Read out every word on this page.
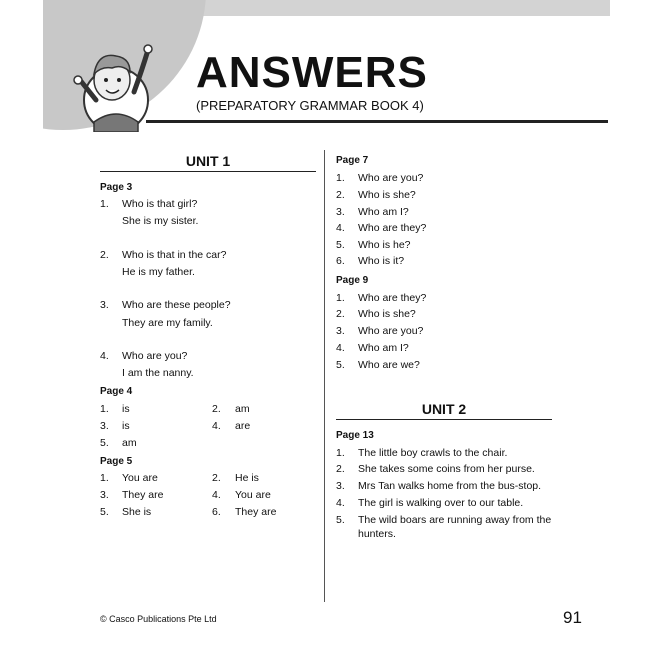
ANSWERS
(PREPARATORY GRAMMAR BOOK 4)
UNIT 1
Page 3
1. Who is that girl?
She is my sister.
2. Who is that in the car?
He is my father.
3. Who are these people?
They are my family.
4. Who are you?
I am the nanny.
Page 4
1. is	2. am
3. is	4. are
5. am
Page 5
1. You are	2. He is
3. They are	4. You are
5. She is	6. They are
Page 7
1. Who are you?
2. Who is she?
3. Who am I?
4. Who are they?
5. Who is he?
6. Who is it?
Page 9
1. Who are they?
2. Who is she?
3. Who are you?
4. Who am I?
5. Who are we?
UNIT 2
Page 13
1. The little boy crawls to the chair.
2. She takes some coins from her purse.
3. Mrs Tan walks home from the bus-stop.
4. The girl is walking over to our table.
5. The wild boars are running away from the
hunters.
© Casco Publications Pte Ltd	91
